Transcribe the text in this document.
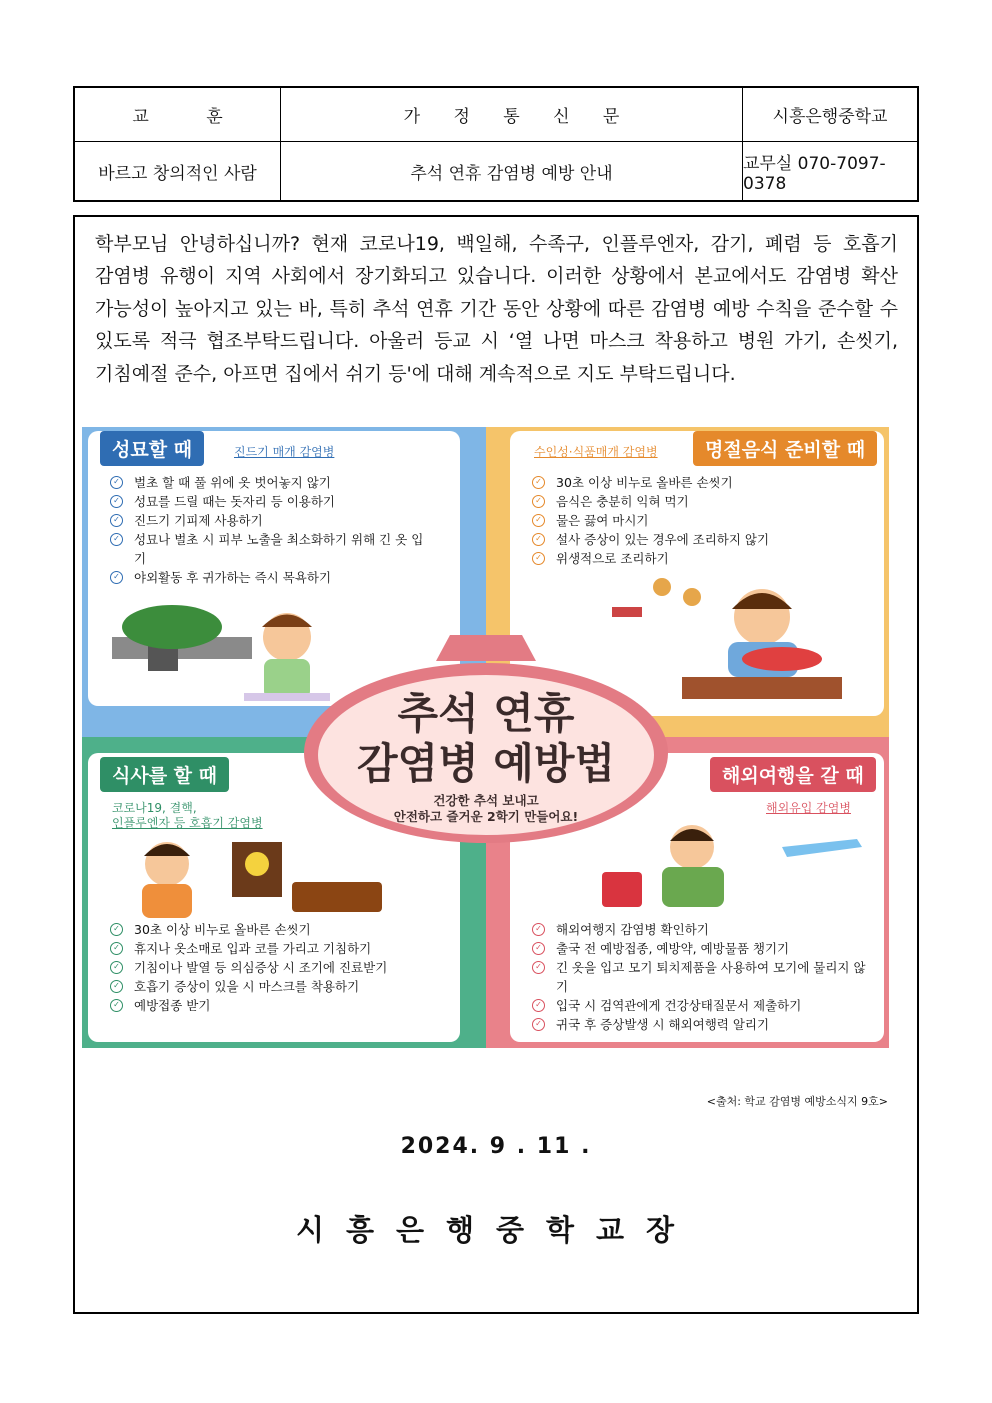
교 훈	가 정 통 신 문	시흥은행중학교
바르고 창의적인 사람	추석 연휴 감염병 예방 안내	교무실 070-7097-0378

학부모님 안녕하십니까? 현재 코로나19, 백일해, 수족구, 인플루엔자, 감기, 폐렴 등 호흡기 감염병 유행이 지역 사회에서 장기화되고 있습니다. 이러한 상황에서 본교에서도 감염병 확산 가능성이 높아지고 있는 바, 특히 추석 연휴 기간 동안 상황에 따른 감염병 예방 수칙을 준수할 수 있도록 적극 협조부탁드립니다. 아울러 등교 시 ‘열 나면 마스크 착용하고 병원 가기, 손씻기, 기침예절 준수, 아프면 집에서 쉬기 등'에 대해 계속적으로 지도 부탁드립니다.

성묘할 때	진드기 매개 감염병
✓ 벌초 할 때 풀 위에 옷 벗어놓지 않기
✓ 성묘를 드릴 때는 돗자리 등 이용하기
✓ 진드기 기피제 사용하기
✓ 성묘나 벌초 시 피부 노출을 최소화하기 위해 긴 옷 입기
✓ 야외활동 후 귀가하는 즉시 목욕하기
명절음식 준비할 때
수인성·식품매개 감염병
✓ 30초 이상 비누로 올바른 손씻기
✓ 음식은 충분히 익혀 먹기
✓ 물은 끓여 마시기
✓ 설사 증상이 있는 경우에 조리하지 않기
✓ 위생적으로 조리하기
식사를 할 때
코로나19, 결핵,
인플루엔자 등 호흡기 감염병
✓ 30초 이상 비누로 올바른 손씻기
✓ 휴지나 옷소매로 입과 코를 가리고 기침하기
✓ 기침이나 발열 등 의심증상 시 조기에 진료받기
✓ 호흡기 증상이 있을 시 마스크를 착용하기
✓ 예방접종 받기
해외여행을 갈 때
해외유입 감염병
✓ 해외여행지 감염병 확인하기
✓ 출국 전 예방접종, 예방약, 예방물품 챙기기
✓ 긴 옷을 입고 모기 퇴치제품을 사용하여 모기에 물리지 않기
✓ 입국 시 검역관에게 건강상태질문서 제출하기
✓ 귀국 후 증상발생 시 해외여행력 알리기
추석 연휴
감염병 예방법
건강한 추석 보내고
안전하고 즐거운 2학기 만들어요!
<출처: 학교 감염병 예방소식지 9호>
2024. 9 . 11 .
시흥은행중학교장
